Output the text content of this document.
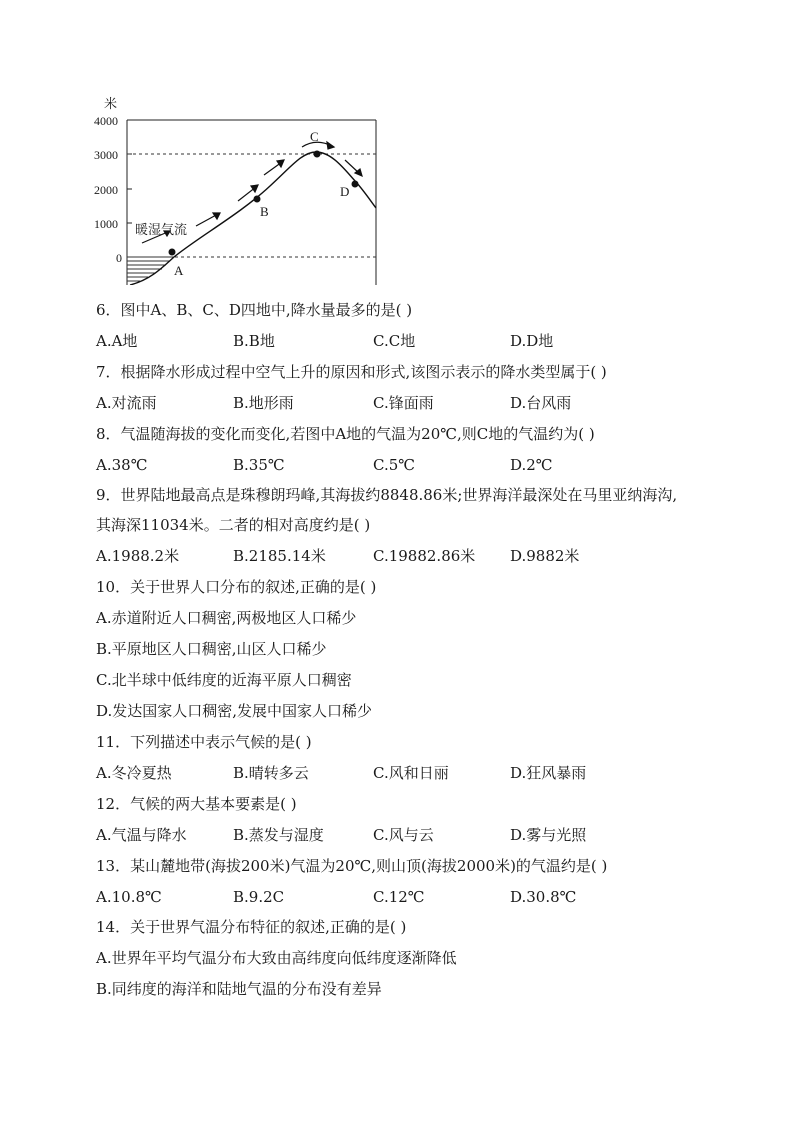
米
4000
3000
2000
1000
0
暖湿气流
A
B
C
D
6．图中A、B、C、D四地中,降水量最多的是( )
A.A地	B.B地	C.C地	D.D地
7．根据降水形成过程中空气上升的原因和形式,该图示表示的降水类型属于( )
A.对流雨	B.地形雨	C.锋面雨	D.台风雨
8．气温随海拔的变化而变化,若图中A地的气温为20℃,则C地的气温约为( )
A.38℃	B.35℃	C.5℃	D.2℃
9．世界陆地最高点是珠穆朗玛峰,其海拔约8848.86米;世界海洋最深处在马里亚纳海沟,
其海深11034米。二者的相对高度约是( )
A.1988.2米	B.2185.14米	C.19882.86米 D.9882米
10．关于世界人口分布的叙述,正确的是( )
A.赤道附近人口稠密,两极地区人口稀少
B.平原地区人口稠密,山区人口稀少
C.北半球中低纬度的近海平原人口稠密
D.发达国家人口稠密,发展中国家人口稀少
11．下列描述中表示气候的是( )
A.冬冷夏热	B.晴转多云	C.风和日丽	D.狂风暴雨
12．气候的两大基本要素是( )
A.气温与降水	B.蒸发与湿度	C.风与云	D.雾与光照
13．某山麓地带(海拔200米)气温为20℃,则山顶(海拔2000米)的气温约是( )
A.10.8℃	B.9.2C	C.12℃	D.30.8℃
14．关于世界气温分布特征的叙述,正确的是( )
A.世界年平均气温分布大致由高纬度向低纬度逐渐降低
B.同纬度的海洋和陆地气温的分布没有差异
